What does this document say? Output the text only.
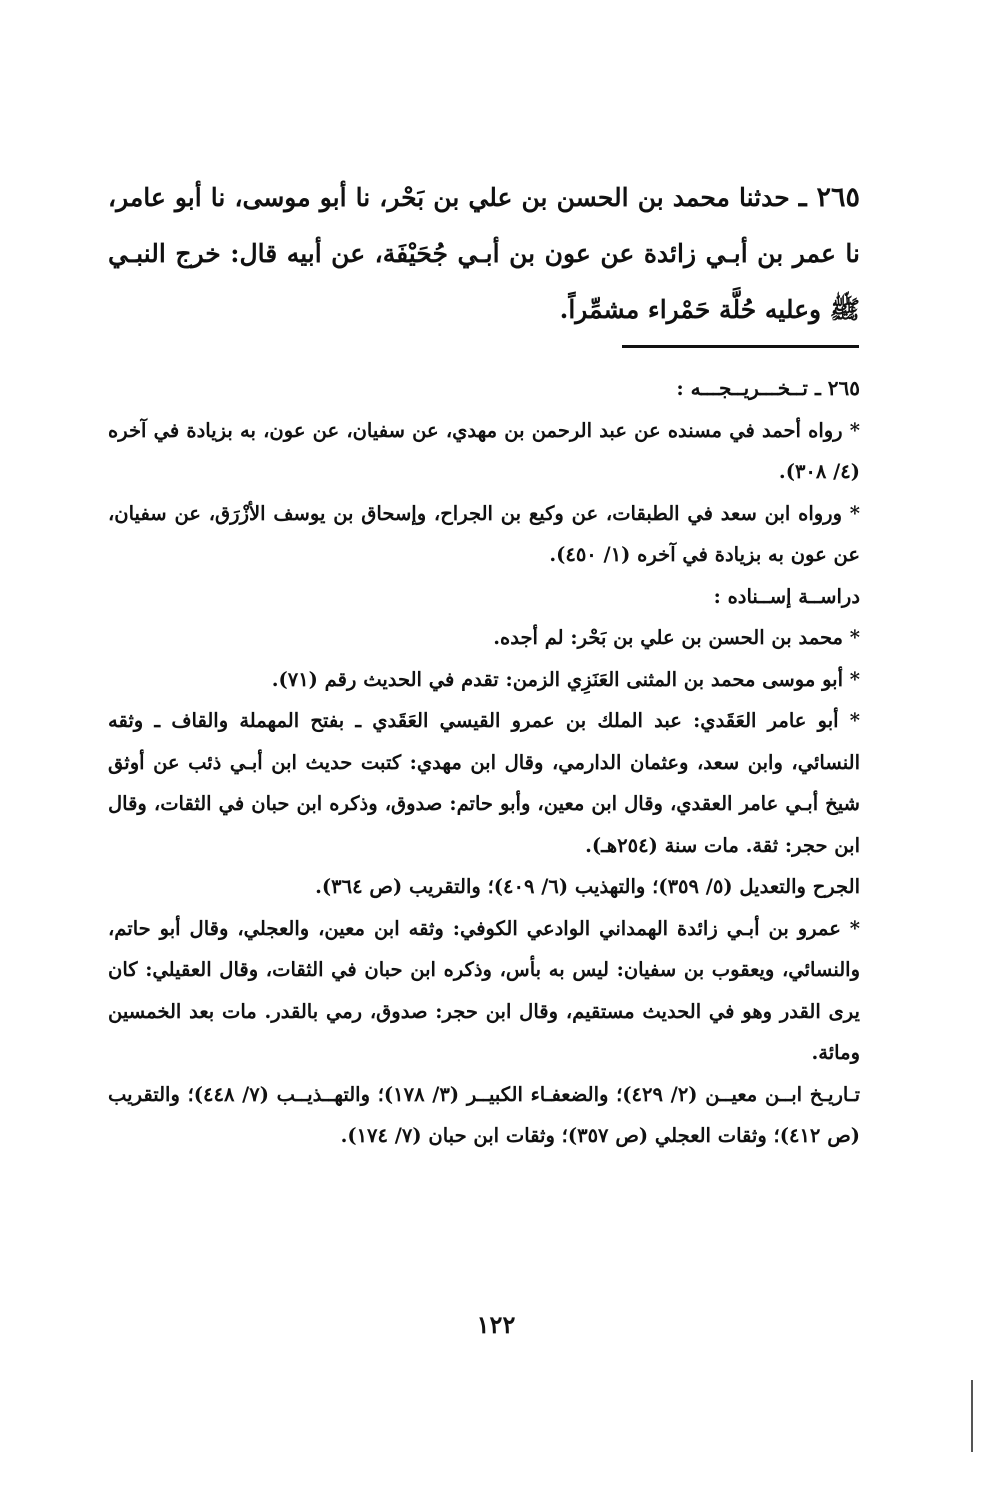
٢٦٥ ـ حدثنا محمد بن الحسن بن علي بن بَحْر، نا أبو موسى، نا أبو عامر، نا عمر بن أبـي زائدة عن عون بن أبـي جُحَيْفَة، عن أبيه قال: خرج النبـي ﷺ وعليه حُلَّة حَمْراء مشمِّراً.

٢٦٥ ـ تــخـــريــجـــه :

* رواه أحمد في مسنده عن عبد الرحمن بن مهدي، عن سفيان، عن عون، به بزيادة في آخره (٤/ ٣٠٨).

* ورواه ابن سعد في الطبقات، عن وكيع بن الجراح، وإسحاق بن يوسف الأزْرَق، عن سفيان، عن عون به بزيادة في آخره (١/ ٤٥٠).

دراســة إســناده :

* محمد بن الحسن بن علي بن بَحْر: لم أجده.

* أبو موسى محمد بن المثنى العَنَزِي الزمن: تقدم في الحديث رقم (٧١).

* أبو عامر العَقَدي: عبد الملك بن عمرو القيسي العَقَدي ـ بفتح المهملة والقاف ـ وثقه النسائي، وابن سعد، وعثمان الدارمي، وقال ابن مهدي: كتبت حديث ابن أبـي ذئب عن أوثق شيخ أبـي عامر العقدي، وقال ابن معين، وأبو حاتم: صدوق، وذكره ابن حبان في الثقات، وقال ابن حجر: ثقة. مات سنة (٢٥٤هـ).

الجرح والتعديل (٥/ ٣٥٩)؛ والتهذيب (٦/ ٤٠٩)؛ والتقريب (ص ٣٦٤).

* عمرو بن أبـي زائدة الهمداني الوادعي الكوفي: وثقه ابن معين، والعجلي، وقال أبو حاتم، والنسائي، ويعقوب بن سفيان: ليس به بأس، وذكره ابن حبان في الثقات، وقال العقيلي: كان يرى القدر وهو في الحديث مستقيم، وقال ابن حجر: صدوق، رمي بالقدر. مات بعد الخمسين ومائة.

تـاريـخ ابــن معيــن (٢/ ٤٢٩)؛ والضعفـاء الكبيــر (٣/ ١٧٨)؛ والتهــذيــب (٧/ ٤٤٨)؛ والتقريب (ص ٤١٢)؛ وثقات العجلي (ص ٣٥٧)؛ وثقات ابن حبان (٧/ ١٧٤).

١٢٢
